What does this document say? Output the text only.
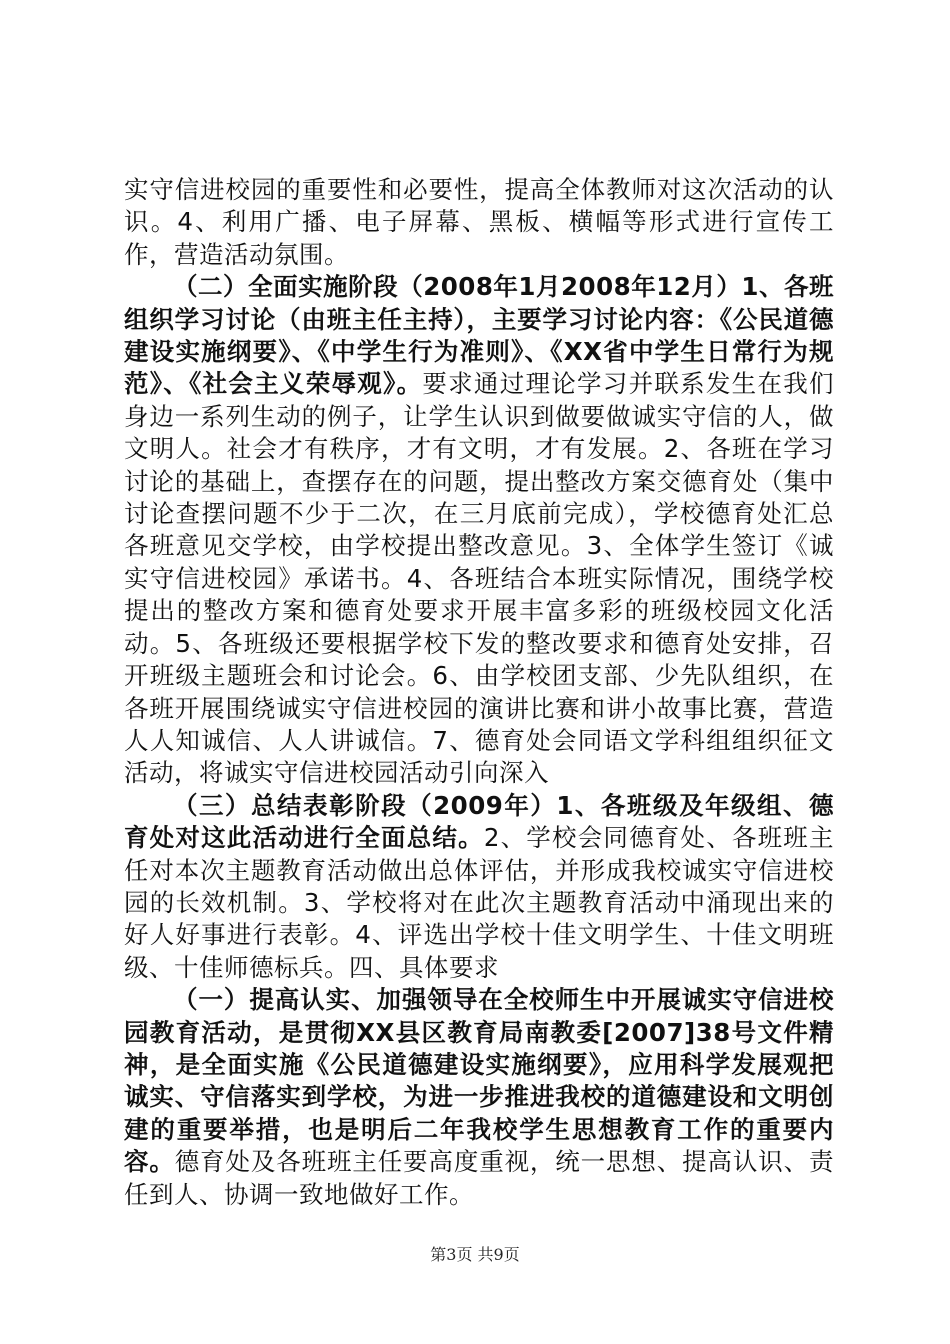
实守信进校园的重要性和必要性，提高全体教师对这次活动的认识。4、利用广播、电子屏幕、黑板、横幅等形式进行宣传工作，营造活动氛围。

（二）全面实施阶段（2008年1月2008年12月）1、各班组织学习讨论（由班主任主持），主要学习讨论内容：《公民道德建设实施纲要》、《中学生行为准则》、《XX省中学生日常行为规范》、《社会主义荣辱观》。要求通过理论学习并联系发生在我们身边一系列生动的例子，让学生认识到做要做诚实守信的人，做文明人。社会才有秩序，才有文明，才有发展。2、各班在学习讨论的基础上，查摆存在的问题，提出整改方案交德育处（集中讨论查摆问题不少于二次，在三月底前完成），学校德育处汇总各班意见交学校，由学校提出整改意见。3、全体学生签订《诚实守信进校园》承诺书。4、各班结合本班实际情况，围绕学校提出的整改方案和德育处要求开展丰富多彩的班级校园文化活动。5、各班级还要根据学校下发的整改要求和德育处安排，召开班级主题班会和讨论会。6、由学校团支部、少先队组织，在各班开展围绕诚实守信进校园的演讲比赛和讲小故事比赛，营造人人知诚信、人人讲诚信。7、德育处会同语文学科组组织征文活动，将诚实守信进校园活动引向深入

（三）总结表彰阶段（2009年）1、各班级及年级组、德育处对这此活动进行全面总结。2、学校会同德育处、各班班主任对本次主题教育活动做出总体评估，并形成我校诚实守信进校园的长效机制。3、学校将对在此次主题教育活动中涌现出来的好人好事进行表彰。4、评选出学校十佳文明学生、十佳文明班级、十佳师德标兵。四、具体要求

（一）提高认实、加强领导在全校师生中开展诚实守信进校园教育活动，是贯彻XX县区教育局南教委[2007]38号文件精神，是全面实施《公民道德建设实施纲要》，应用科学发展观把诚实、守信落实到学校，为进一步推进我校的道德建设和文明创建的重要举措，也是明后二年我校学生思想教育工作的重要内容。德育处及各班班主任要高度重视，统一思想、提高认识、责任到人、协调一致地做好工作。

第3页 共9页
